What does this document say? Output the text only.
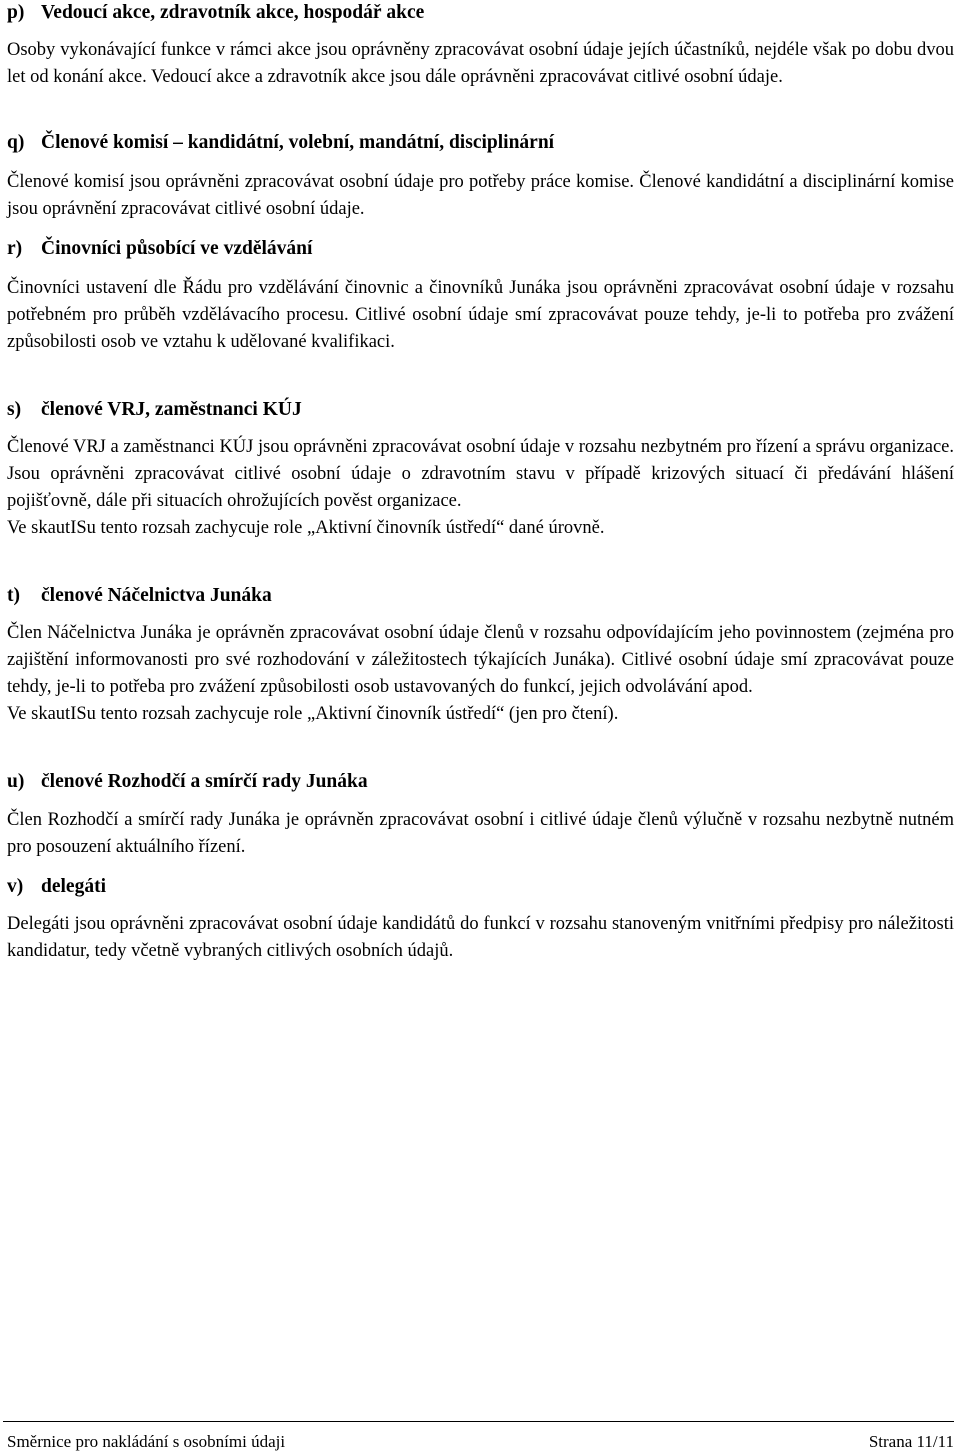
p) Vedoucí akce, zdravotník akce, hospodář akce

Osoby vykonávající funkce v rámci akce jsou oprávněny zpracovávat osobní údaje jejích účastníků, nejdéle však po dobu dvou let od konání akce. Vedoucí akce a zdravotník akce jsou dále oprávněni zpracovávat citlivé osobní údaje.

q) Členové komisí – kandidátní, volební, mandátní, disciplinární

Členové komisí jsou oprávněni zpracovávat osobní údaje pro potřeby práce komise. Členové kandidátní a disciplinární komise jsou oprávnění zpracovávat citlivé osobní údaje.

r) Činovníci působící ve vzdělávání

Činovníci ustavení dle Řádu pro vzdělávání činovnic a činovníků Junáka jsou oprávněni zpracovávat osobní údaje v rozsahu potřebném pro průběh vzdělávacího procesu. Citlivé osobní údaje smí zpracovávat pouze tehdy, je-li to potřeba pro zvážení způsobilosti osob ve vztahu k udělované kvalifikaci.

s) členové VRJ, zaměstnanci KÚJ

Členové VRJ a zaměstnanci KÚJ jsou oprávněni zpracovávat osobní údaje v rozsahu nezbytném pro řízení a správu organizace. Jsou oprávněni zpracovávat citlivé osobní údaje o zdravotním stavu v případě krizových situací či předávání hlášení pojišťovně, dále při situacích ohrožujících pověst organizace.

Ve skautISu tento rozsah zachycuje role „Aktivní činovník ústředí“ dané úrovně.

t) členové Náčelnictva Junáka

Člen Náčelnictva Junáka je oprávněn zpracovávat osobní údaje členů v rozsahu odpovídajícím jeho povinnostem (zejména pro zajištění informovanosti pro své rozhodování v záležitostech týkajících Junáka). Citlivé osobní údaje smí zpracovávat pouze tehdy, je-li to potřeba pro zvážení způsobilosti osob ustavovaných do funkcí, jejich odvolávání apod.

Ve skautISu tento rozsah zachycuje role „Aktivní činovník ústředí“ (jen pro čtení).

u) členové Rozhodčí a smírčí rady Junáka

Člen Rozhodčí a smírčí rady Junáka je oprávněn zpracovávat osobní i citlivé údaje členů výlučně v rozsahu nezbytně nutném pro posouzení aktuálního řízení.

v) delegáti

Delegáti jsou oprávněni zpracovávat osobní údaje kandidátů do funkcí v rozsahu stanoveným vnitřními předpisy pro náležitosti kandidatur, tedy včetně vybraných citlivých osobních údajů.

Směrnice pro nakládání s osobními údaji	Strana 11/11
